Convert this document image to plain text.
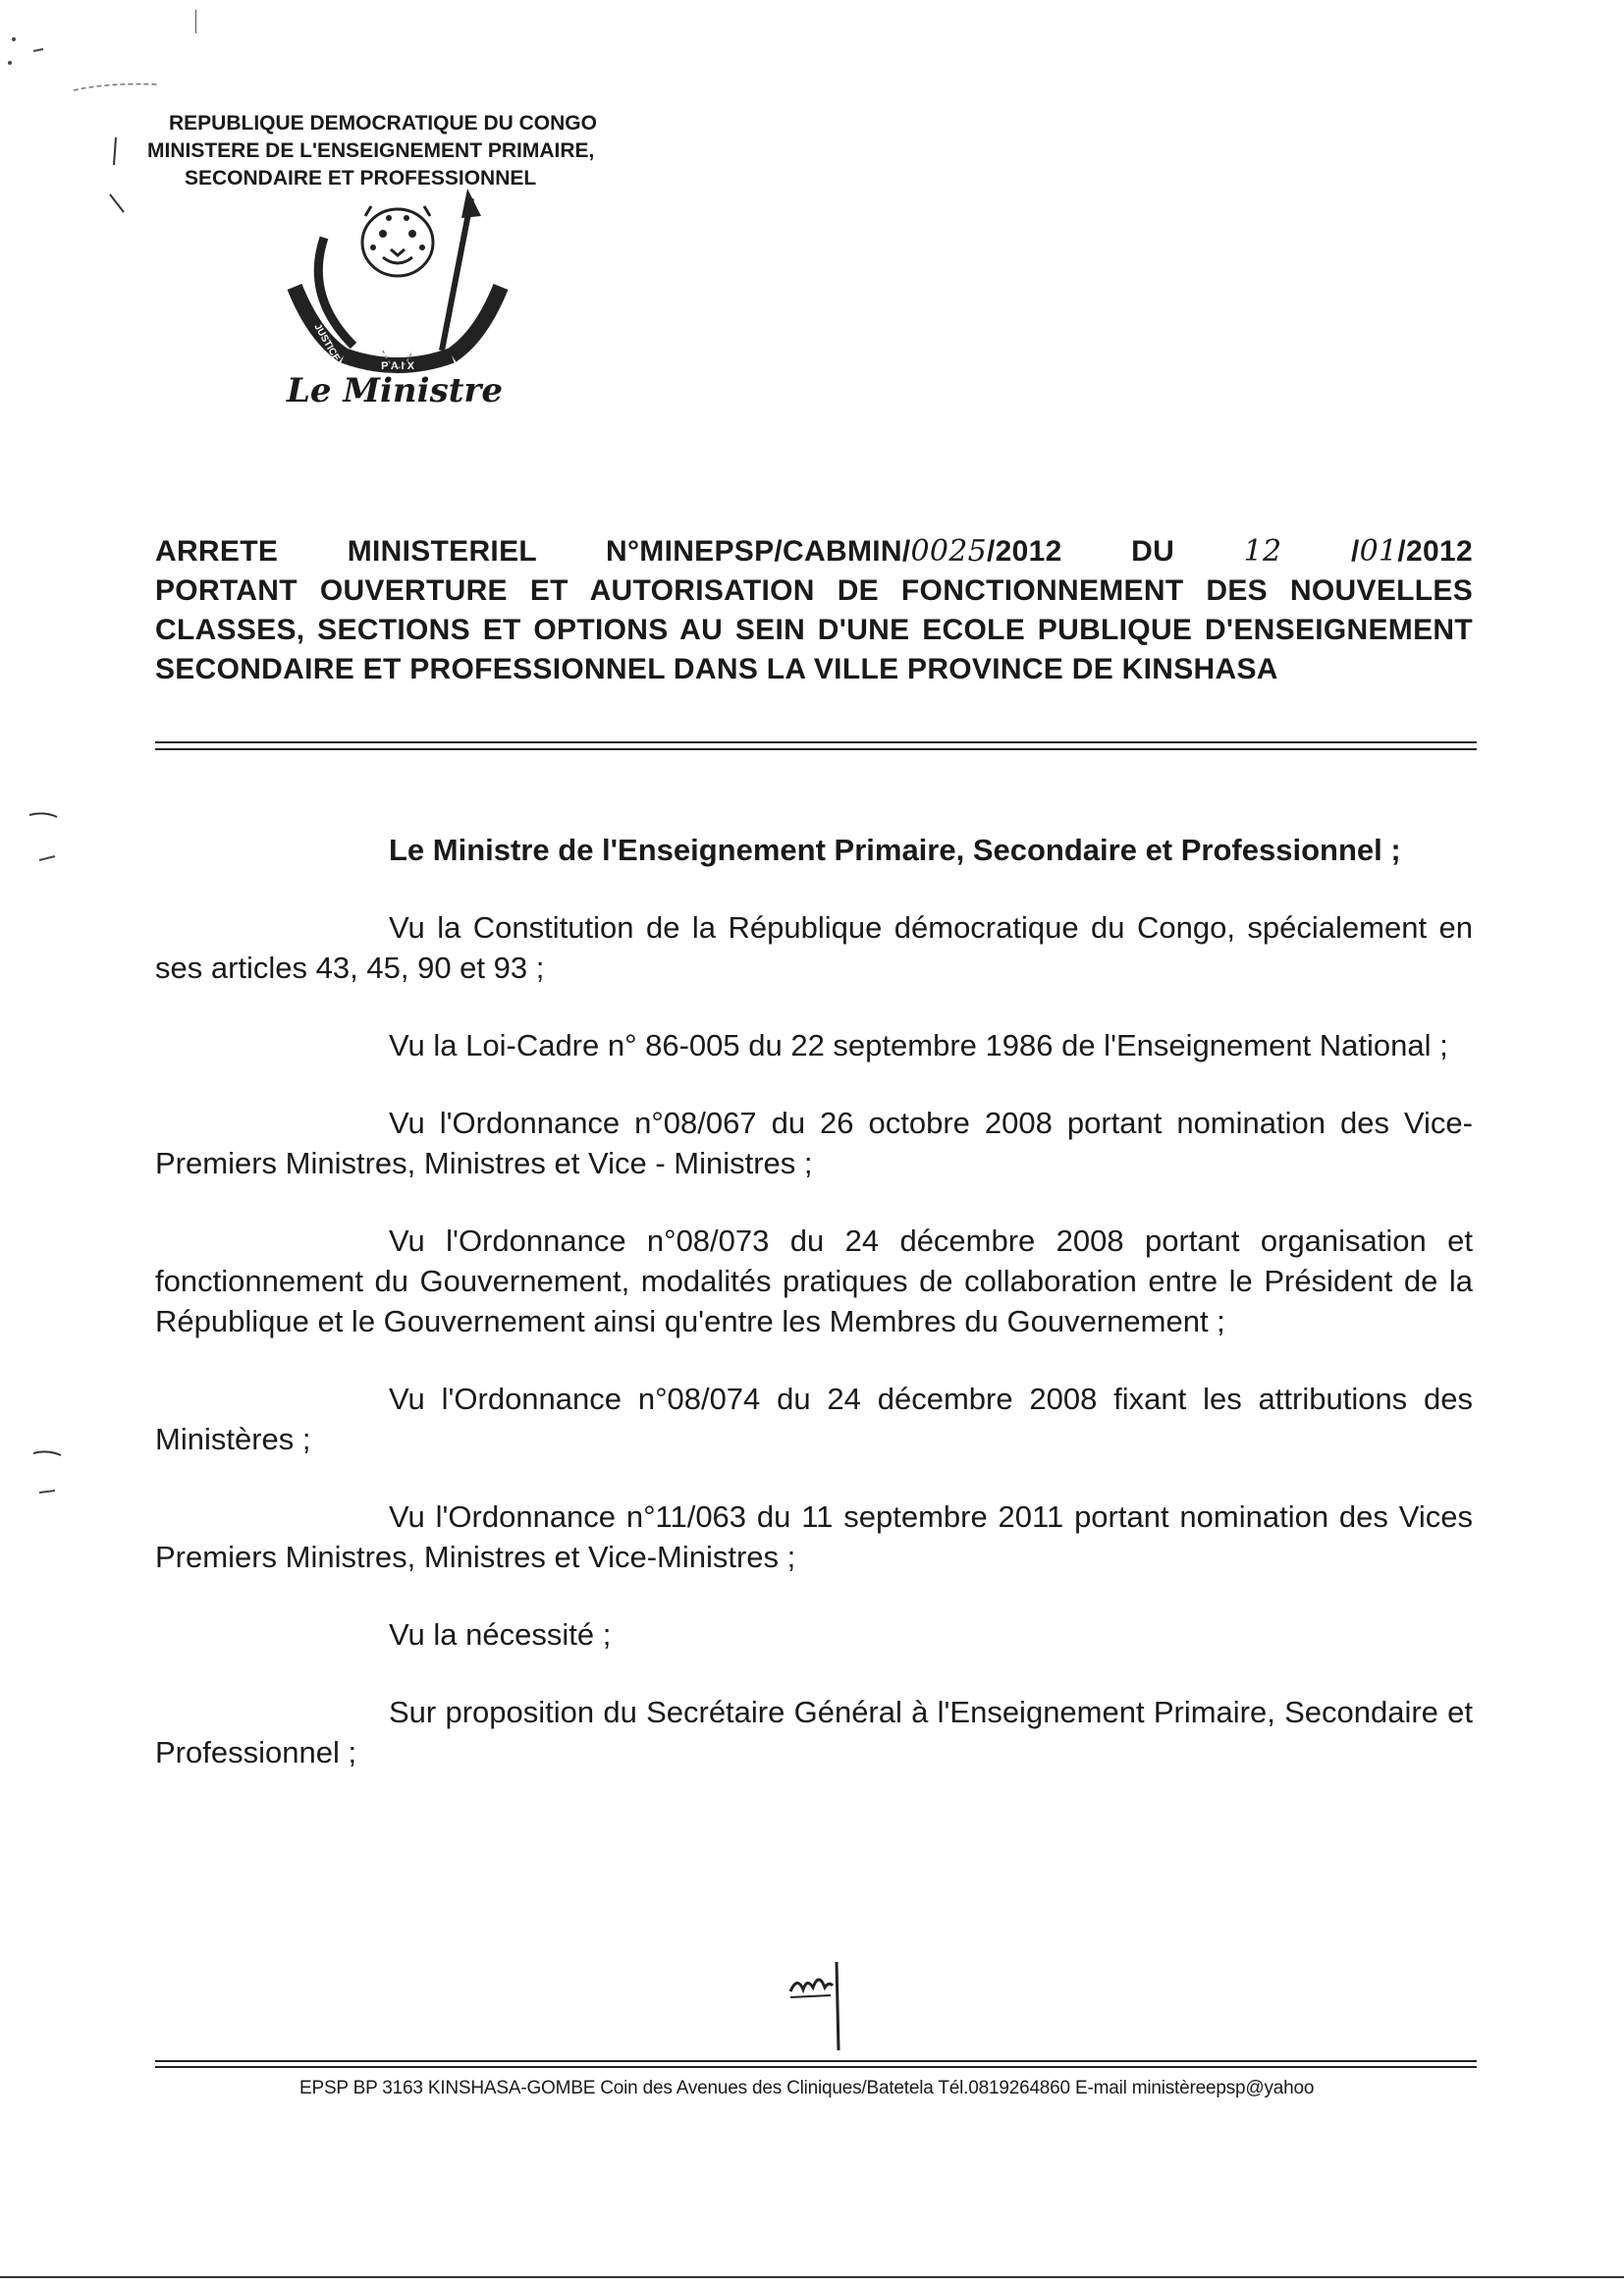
REPUBLIQUE DEMOCRATIQUE DU CONGO
MINISTERE DE L'ENSEIGNEMENT PRIMAIRE,
SECONDAIRE ET PROFESSIONNEL
P A I X
JUSTICE
TRAVAIL
Le Ministre
ARRETE MINISTERIEL N°MINEPSP/CABMIN/0025/2012 DU 12 /01/2012
PORTANT OUVERTURE ET AUTORISATION DE FONCTIONNEMENT DES NOUVELLES CLASSES, SECTIONS ET OPTIONS AU SEIN D'UNE ECOLE PUBLIQUE D'ENSEIGNEMENT SECONDAIRE ET PROFESSIONNEL DANS LA VILLE PROVINCE DE KINSHASA

Le Ministre de l'Enseignement Primaire, Secondaire et Professionnel ;

Vu la Constitution de la République démocratique du Congo, spécialement en ses articles 43, 45, 90 et 93 ;

Vu la Loi-Cadre n° 86-005 du 22 septembre 1986 de l'Enseignement National ;

Vu l'Ordonnance n°08/067 du 26 octobre 2008 portant nomination des Vice-Premiers Ministres, Ministres et Vice - Ministres ;

Vu l'Ordonnance n°08/073 du 24 décembre 2008 portant organisation et fonctionnement du Gouvernement, modalités pratiques de collaboration entre le Président de la République et le Gouvernement ainsi qu'entre les Membres du Gouvernement ;

Vu l'Ordonnance n°08/074 du 24 décembre 2008 fixant les attributions des Ministères ;

Vu l'Ordonnance n°11/063 du 11 septembre 2011 portant nomination des Vices Premiers Ministres, Ministres et Vice-Ministres ;

Vu la nécessité ;

Sur proposition du Secrétaire Général à l'Enseignement Primaire, Secondaire et Professionnel ;

EPSP BP 3163 KINSHASA-GOMBE Coin des Avenues des Cliniques/Batetela Tél.0819264860 E-mail ministèreepsp@yahoo
